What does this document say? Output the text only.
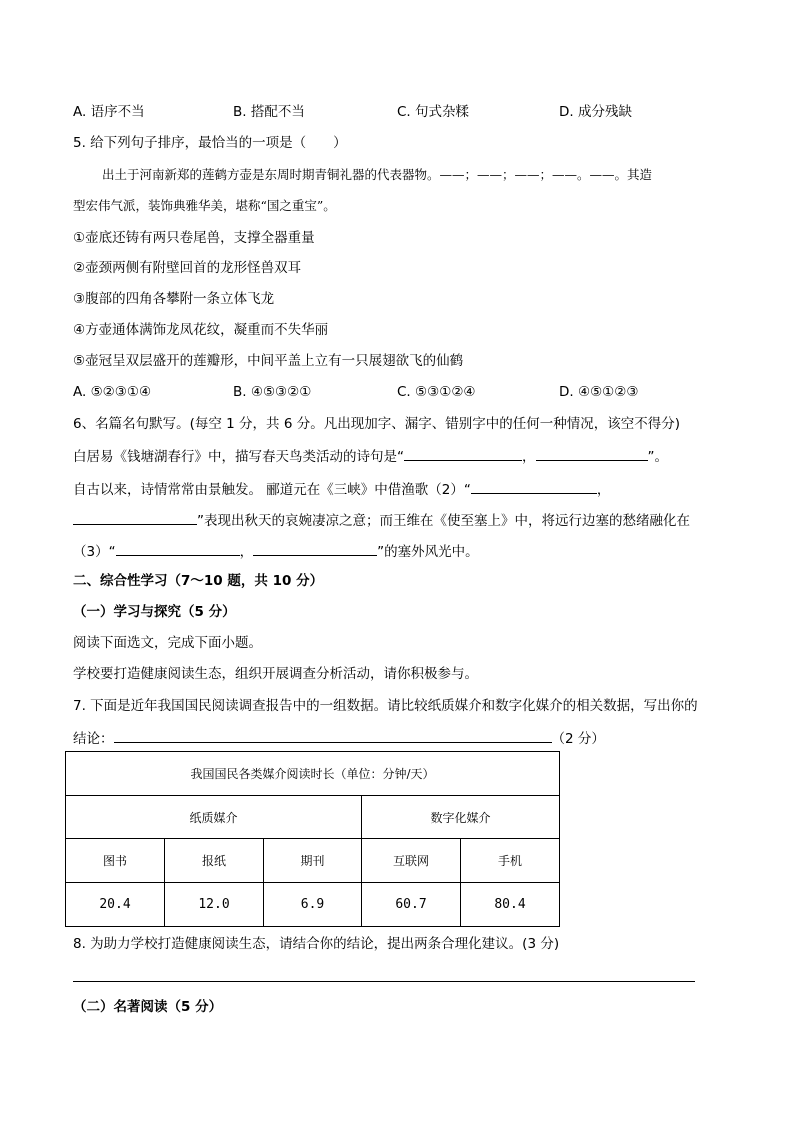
A. 语序不当	B. 搭配不当	C. 句式杂糅	D. 成分残缺
5. 给下列句子排序，最恰当的一项是（　　）
出土于河南新郑的莲鹤方壶是东周时期青铜礼器的代表器物。——；——；——；——。——。其造
型宏伟气派，装饰典雅华美，堪称“国之重宝”。
①壶底还铸有两只卷尾兽，支撑全器重量
②壶颈两侧有附壁回首的龙形怪兽双耳
③腹部的四角各攀附一条立体飞龙
④方壶通体满饰龙凤花纹，凝重而不失华丽
⑤壶冠呈双层盛开的莲瓣形，中间平盖上立有一只展翅欲飞的仙鹤
A. ⑤②③①④	B. ④⑤③②①	C. ⑤③①②④	D. ④⑤①②③
6、名篇名句默写。(每空 1 分，共 6 分。凡出现加字、漏字、错别字中的任何一种情况，该空不得分)
白居易《钱塘湖春行》中，描写春天鸟类活动的诗句是“	，	”。
自古以来，诗情常常由景触发。 郦道元在《三峡》中借渔歌（2）“	，
”表现出秋天的哀婉凄凉之意；而王维在《使至塞上》中，将远行边塞的愁绪融化在
（3）“	，	”的塞外风光中。
二、综合性学习（7～10 题，共 10 分）
（一）学习与探究（5 分）
阅读下面选文，完成下面小题。
学校要打造健康阅读生态，组织开展调查分析活动，请你积极参与。
7. 下面是近年我国国民阅读调查报告中的一组数据。请比较纸质媒介和数字化媒介的相关数据，写出你的
结论：	（2 分）
我国国民各类媒介阅读时长（单位：分钟/天）				
纸质媒介			数字化媒介	
图书	报纸	期刊	互联网	手机
20.4	12.0	6.9	60.7	80.4
8. 为助力学校打造健康阅读生态，请结合你的结论，提出两条合理化建议。(3 分)
（二）名著阅读（5 分）
